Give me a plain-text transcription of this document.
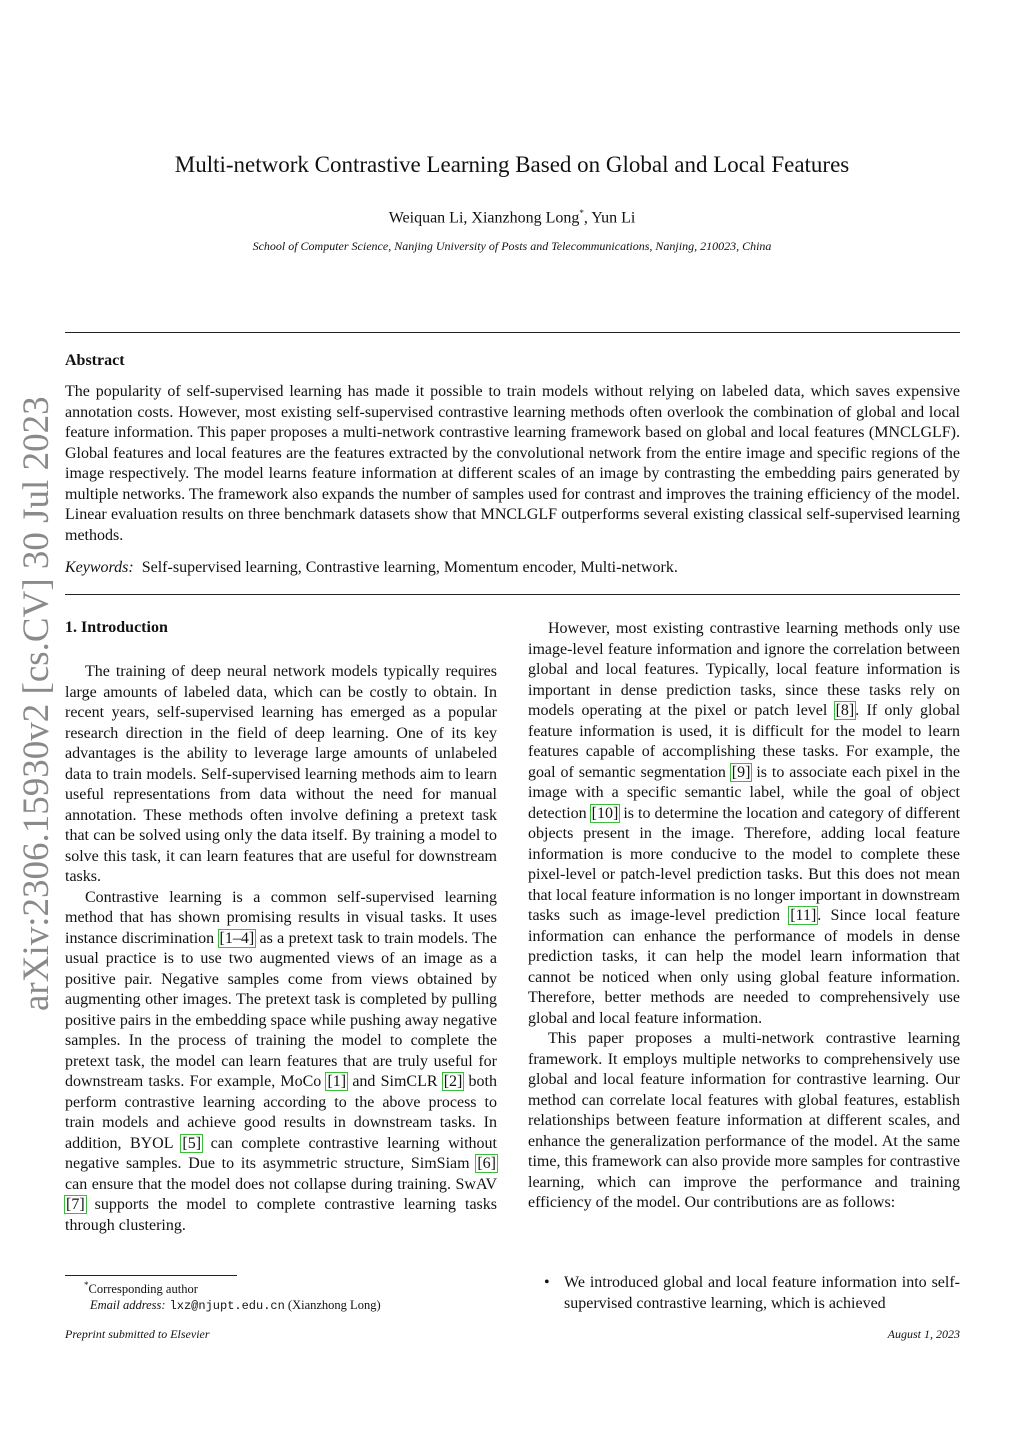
arXiv:2306.15930v2 [cs.CV] 30 Jul 2023
Multi-network Contrastive Learning Based on Global and Local Features
Weiquan Li, Xianzhong Long*, Yun Li
School of Computer Science, Nanjing University of Posts and Telecommunications, Nanjing, 210023, China
Abstract

The popularity of self-supervised learning has made it possible to train models without relying on labeled data, which saves expensive annotation costs. However, most existing self-supervised contrastive learning methods often overlook the combination of global and local feature information. This paper proposes a multi-network contrastive learning framework based on global and local features (MNCLGLF). Global features and local features are the features extracted by the convolutional network from the entire image and specific regions of the image respectively. The model learns feature information at different scales of an image by contrasting the embedding pairs generated by multiple networks. The framework also expands the number of samples used for contrast and improves the training efficiency of the model. Linear evaluation results on three benchmark datasets show that MNCLGLF outperforms several existing classical self-supervised learning methods.

Keywords: Self-supervised learning, Contrastive learning, Momentum encoder, Multi-network.
1. Introduction

The training of deep neural network models typically requires large amounts of labeled data, which can be costly to obtain. In recent years, self-supervised learning has emerged as a popular research direction in the field of deep learning. One of its key advantages is the ability to leverage large amounts of unlabeled data to train models. Self-supervised learning methods aim to learn useful representations from data without the need for manual annotation. These methods often involve defining a pretext task that can be solved using only the data itself. By training a model to solve this task, it can learn features that are useful for downstream tasks.

Contrastive learning is a common self-supervised learning method that has shown promising results in visual tasks. It uses instance discrimination [1–4] as a pretext task to train models. The usual practice is to use two augmented views of an image as a positive pair. Negative samples come from views obtained by augmenting other images. The pretext task is completed by pulling positive pairs in the embedding space while pushing away negative samples. In the process of training the model to complete the pretext task, the model can learn features that are truly useful for downstream tasks. For example, MoCo [1] and SimCLR [2] both perform contrastive learning according to the above process to train models and achieve good results in downstream tasks. In addition, BYOL [5] can complete contrastive learning without negative samples. Due to its asymmetric structure, SimSiam [6] can ensure that the model does not collapse during training. SwAV [7] supports the model to complete contrastive learning tasks through clustering.

However, most existing contrastive learning methods only use image-level feature information and ignore the correlation between global and local features. Typically, local feature information is important in dense prediction tasks, since these tasks rely on models operating at the pixel or patch level [8]. If only global feature information is used, it is difficult for the model to learn features capable of accomplishing these tasks. For example, the goal of semantic segmentation [9] is to associate each pixel in the image with a specific semantic label, while the goal of object detection [10] is to determine the location and category of different objects present in the image. Therefore, adding local feature information is more conducive to the model to complete these pixel-level or patch-level prediction tasks. But this does not mean that local feature information is no longer important in downstream tasks such as image-level prediction [11]. Since local feature information can enhance the performance of models in dense prediction tasks, it can help the model learn information that cannot be noticed when only using global feature information. Therefore, better methods are needed to comprehensively use global and local feature information.

This paper proposes a multi-network contrastive learning framework. It employs multiple networks to comprehensively use global and local feature information for contrastive learning. Our method can correlate local features with global features, establish relationships between feature information at different scales, and enhance the generalization performance of the model. At the same time, this framework can also provide more samples for contrastive learning, which can improve the performance and training efficiency of the model. Our contributions are as follows:

• We introduced global and local feature information into self-supervised contrastive learning, which is achieved
*Corresponding author
Email address: lxz@njupt.edu.cn (Xianzhong Long)
Preprint submitted to Elsevier	August 1, 2023
